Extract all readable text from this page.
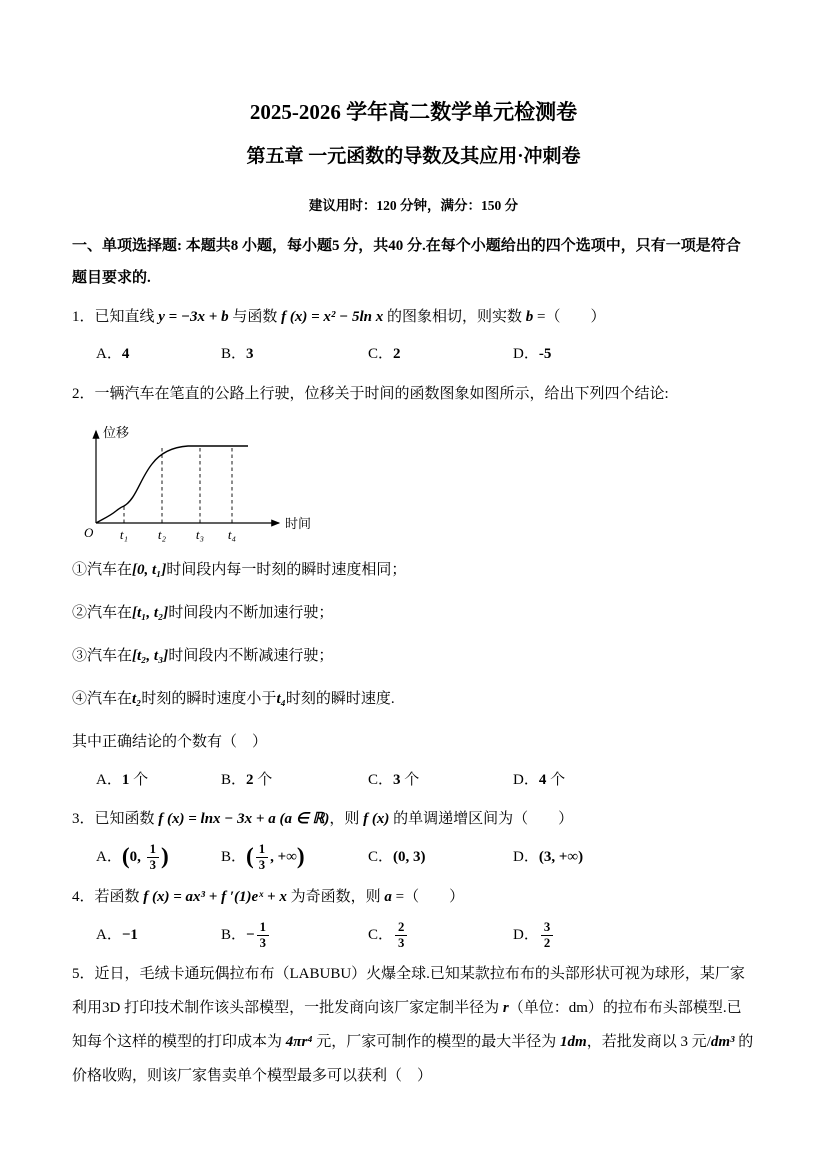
2025-2026 学年高二数学单元检测卷
第五章 一元函数的导数及其应用·冲刺卷
建议用时：120 分钟，满分：150 分
一、单项选择题: 本题共8 小题，每小题5 分，共40 分.在每个小题给出的四个选项中，只有一项是符合题目要求的.
1．已知直线 y = −3x + b 与函数 f (x) = x² − 5ln x 的图象相切，则实数 b =（　　）
A．4	B．3	C．2	D．-5
2．一辆汽车在笔直的公路上行驶，位移关于时间的函数图象如图所示，给出下列四个结论:
位移
时间
O t₁ t₂ t₃ t₄
①汽车在[0, t₁]时间段内每一时刻的瞬时速度相同；
②汽车在[t₁, t₂]时间段内不断加速行驶；
③汽车在[t₂, t₃]时间段内不断减速行驶；
④汽车在t₂时刻的瞬时速度小于t₄时刻的瞬时速度.
其中正确结论的个数有（　）
A．1 个	B．2 个	C．3 个	D．4 个
3．已知函数 f (x) = lnx − 3x + a (a ∈ ℝ)，则 f (x) 的单调递增区间为（　　）
A．(0, $\frac{1}{3}$ )	B．( $\frac{1}{3}$ , +∞)	C．(0, 3)	D．(3, +∞)
4．若函数 f (x) = ax³ + f ′(1)eˣ + x 为奇函数，则 a =（　　）
A．−1	B．− $\frac{1}{3}$	C． $\frac{2}{3}$	D． $\frac{3}{2}$
5．近日，毛绒卡通玩偶拉布布（LABUBU）火爆全球.已知某款拉布布的头部形状可视为球形，某厂家利用3D 打印技术制作该头部模型，一批发商向该厂家定制半径为 r（单位：dm）的拉布布头部模型.已知每个这样的模型的打印成本为 4πr⁴ 元，厂家可制作的模型的最大半径为 1dm，若批发商以 3 元/dm³ 的价格收购，则该厂家售卖单个模型最多可以获利（　）
